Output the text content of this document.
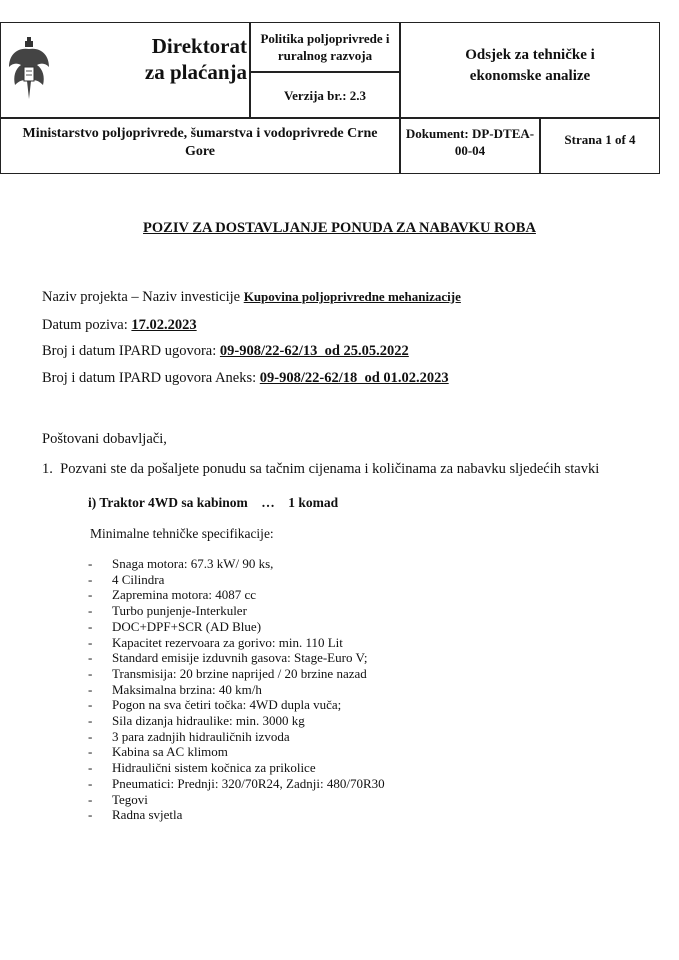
Direktorat
za plaćanja
Politika poljoprivrede i
ruralnog razvoja
Verzija br.: 2.3
Odsjek za tehničke i
ekonomske analize
Ministarstvo poljoprivrede, šumarstva i vodoprivrede Crne
Gore
Dokument: DP-DTEA-
00-04
Strana 1 of 4
POZIV ZA DOSTAVLJANJE PONUDA ZA NABAVKU ROBA
Naziv projekta – Naziv investicije Kupovina poljoprivredne mehanizacije
Datum poziva: 17.02.2023
Broj i datum IPARD ugovora: 09-908/22-62/13  od 25.05.2022
Broj i datum IPARD ugovora Aneks: 09-908/22-62/18  od 01.02.2023
Poštovani dobavljači,
1.  Pozvani ste da pošaljete ponudu sa tačnim cijenama i količinama za nabavku sljedećih stavki
i) Traktor 4WD sa kabinom    …    1 komad
Minimalne tehničke specifikacije:
- Snaga motora: 67.3 kW/ 90 ks,
- 4 Cilindra
- Zapremina motora: 4087 cc
- Turbo punjenje-Interkuler
- DOC+DPF+SCR (AD Blue)
- Kapacitet rezervoara za gorivo: min. 110 Lit
- Standard emisije izduvnih gasova: Stage-Euro V;
- Transmisija: 20 brzine naprijed / 20 brzine nazad
- Maksimalna brzina: 40 km/h
- Pogon na sva četiri točka: 4WD dupla vuča;
- Sila dizanja hidraulike: min. 3000 kg
- 3 para zadnjih hidrauličnih izvoda
- Kabina sa AC klimom
- Hidraulični sistem kočnica za prikolice
- Pneumatici: Prednji: 320/70R24, Zadnji: 480/70R30
- Tegovi
- Radna svjetla
